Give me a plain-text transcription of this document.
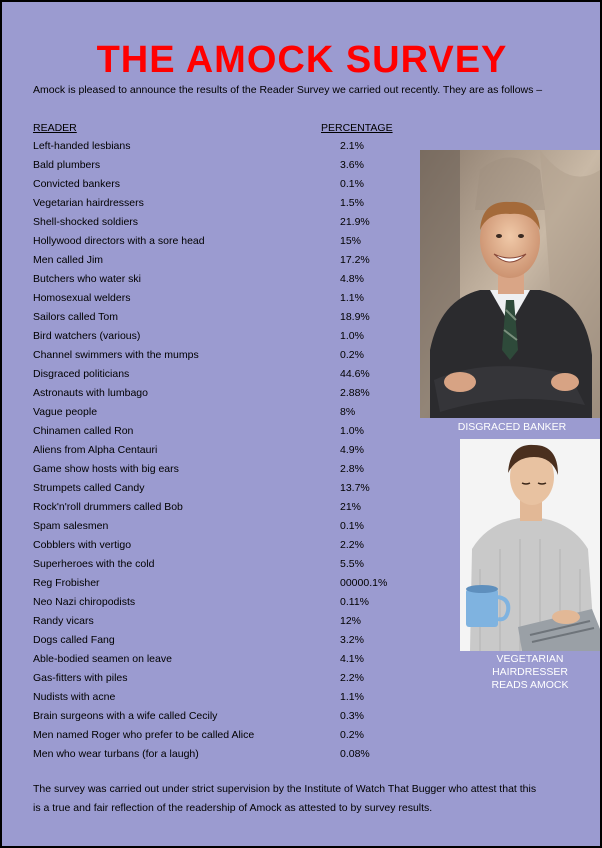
THE AMOCK SURVEY
Amock is pleased to announce the results of the Reader Survey we carried out recently. They are as follows –
READER	PERCENTAGE
Left-handed lesbians	2.1%
Bald plumbers	3.6%
Convicted bankers	0.1%
Vegetarian hairdressers	1.5%
Shell-shocked soldiers	21.9%
Hollywood directors with a sore head	15%
Men called Jim	17.2%
Butchers who water ski	4.8%
Homosexual welders	1.1%
Sailors called Tom	18.9%
Bird watchers (various)	1.0%
Channel swimmers with the mumps	0.2%
Disgraced politicians	44.6%
Astronauts with lumbago	2.88%
Vague people	8%
Chinamen called Ron	1.0%
Aliens from Alpha Centauri	4.9%
Game show hosts with big ears	2.8%
Strumpets called Candy	13.7%
Rock'n'roll drummers called Bob	21%
Spam salesmen	0.1%
Cobblers with vertigo	2.2%
Superheroes with the cold	5.5%
Reg Frobisher	00000.1%
Neo Nazi chiropodists	0.11%
Randy vicars	12%
Dogs called Fang	3.2%
Able-bodied seamen on leave	4.1%
Gas-fitters with piles	2.2%
Nudists with acne	1.1%
Brain surgeons with a wife called Cecily	0.3%
Men named Roger who prefer to be called Alice	0.2%
Men who wear turbans (for a laugh)	0.08%
The survey was carried out under strict supervision by the Institute of Watch That Bugger who attest that this
is a true and fair reflection of the readership of Amock as attested to by survey results.
DISGRACED BANKER
VEGETARIAN
HAIRDRESSER
READS AMOCK
